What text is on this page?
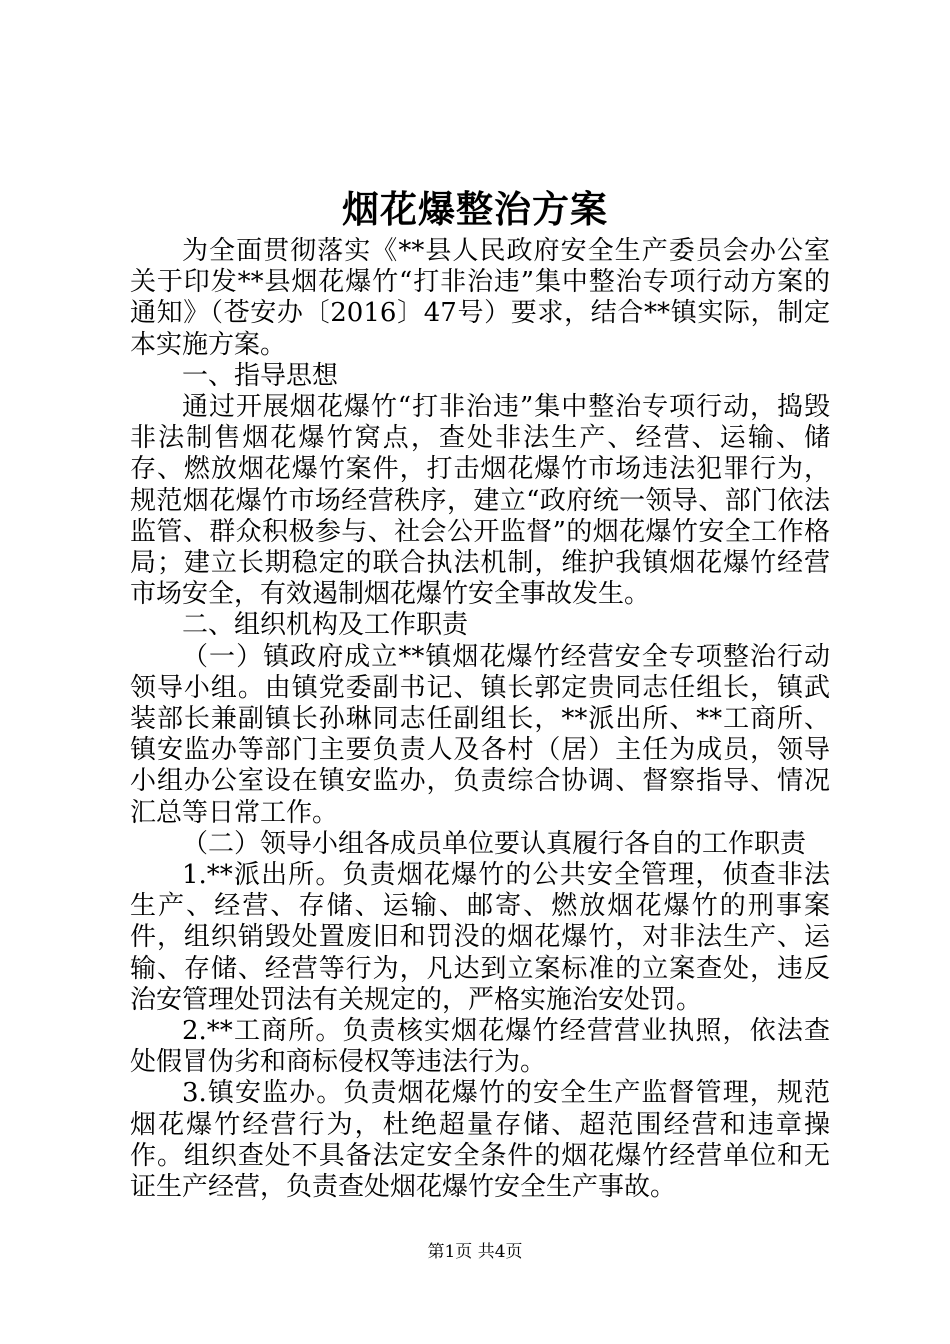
烟花爆整治方案

为全面贯彻落实《**县人民政府安全生产委员会办公室关于印发**县烟花爆竹“打非治违”集中整治专项行动方案的通知》（苍安办〔2016〕47号）要求，结合**镇实际，制定本实施方案。

一、指导思想

通过开展烟花爆竹“打非治违”集中整治专项行动，捣毁非法制售烟花爆竹窝点，查处非法生产、经营、运输、储存、燃放烟花爆竹案件，打击烟花爆竹市场违法犯罪行为，规范烟花爆竹市场经营秩序，建立“政府统一领导、部门依法监管、群众积极参与、社会公开监督”的烟花爆竹安全工作格局；建立长期稳定的联合执法机制，维护我镇烟花爆竹经营市场安全，有效遏制烟花爆竹安全事故发生。

二、组织机构及工作职责

（一）镇政府成立**镇烟花爆竹经营安全专项整治行动领导小组。由镇党委副书记、镇长郭定贵同志任组长，镇武装部长兼副镇长孙琳同志任副组长，**派出所、**工商所、镇安监办等部门主要负责人及各村（居）主任为成员，领导小组办公室设在镇安监办，负责综合协调、督察指导、情况汇总等日常工作。

（二）领导小组各成员单位要认真履行各自的工作职责

1.**派出所。负责烟花爆竹的公共安全管理，侦查非法生产、经营、存储、运输、邮寄、燃放烟花爆竹的刑事案件，组织销毁处置废旧和罚没的烟花爆竹，对非法生产、运输、存储、经营等行为，凡达到立案标准的立案查处，违反治安管理处罚法有关规定的，严格实施治安处罚。

2.**工商所。负责核实烟花爆竹经营营业执照，依法查处假冒伪劣和商标侵权等违法行为。

3.镇安监办。负责烟花爆竹的安全生产监督管理，规范烟花爆竹经营行为，杜绝超量存储、超范围经营和违章操作。组织查处不具备法定安全条件的烟花爆竹经营单位和无证生产经营，负责查处烟花爆竹安全生产事故。

第1页 共4页
